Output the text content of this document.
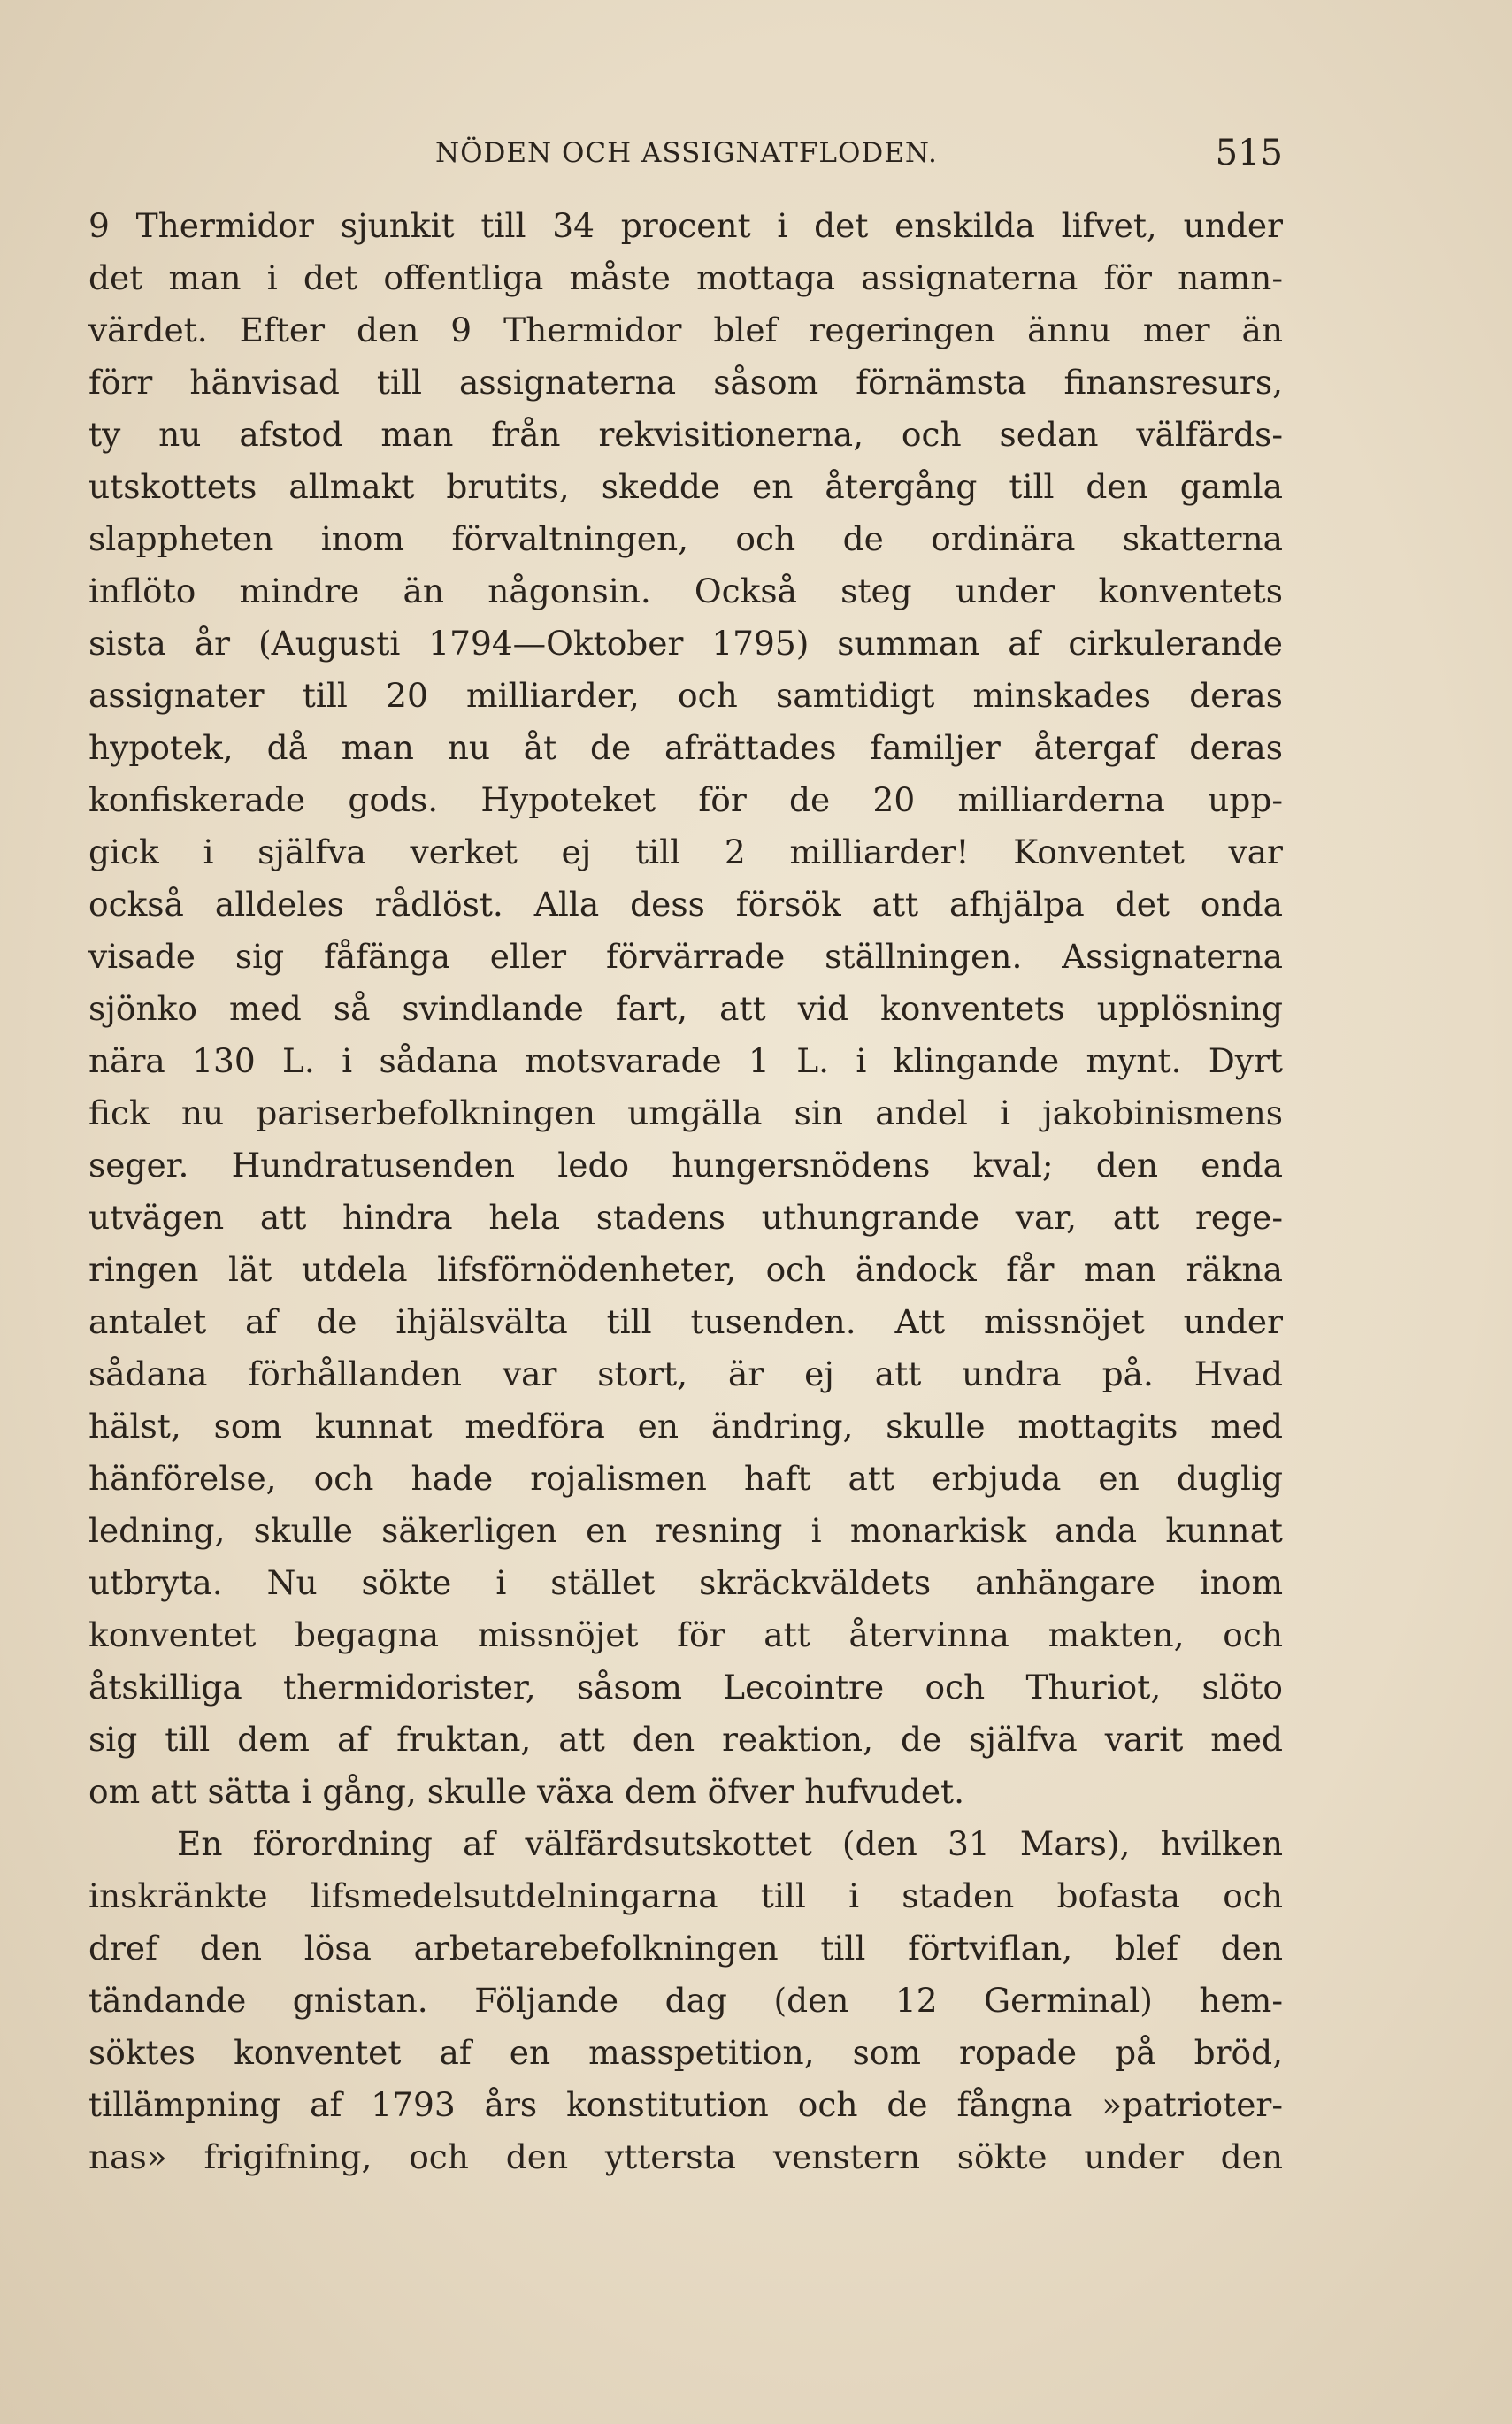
NÖDEN OCH ASSIGNATFLODEN.	515
9 Thermidor sjunkit till 34 procent i det enskilda lifvet, under
det man i det offentliga måste mottaga assignaterna för namn-
värdet. Efter den 9 Thermidor blef regeringen ännu mer än
förr hänvisad till assignaterna såsom förnämsta finansresurs,
ty nu afstod man från rekvisitionerna, och sedan välfärds-
utskottets allmakt brutits, skedde en återgång till den gamla
slappheten inom förvaltningen, och de ordinära skatterna
inflöto mindre än någonsin. Också steg under konventets
sista år (Augusti 1794—Oktober 1795) summan af cirkulerande
assignater till 20 milliarder, och samtidigt minskades deras
hypotek, då man nu åt de afrättades familjer återgaf deras
konfiskerade gods. Hypoteket för de 20 milliarderna upp-
gick i själfva verket ej till 2 milliarder! Konventet var
också alldeles rådlöst. Alla dess försök att afhjälpa det onda
visade sig fåfänga eller förvärrade ställningen. Assignaterna
sjönko med så svindlande fart, att vid konventets upplösning
nära 130 L. i sådana motsvarade 1 L. i klingande mynt. Dyrt
fick nu pariserbefolkningen umgälla sin andel i jakobinismens
seger. Hundratusenden ledo hungersnödens kval; den enda
utvägen att hindra hela stadens uthungrande var, att rege-
ringen lät utdela lifsförnödenheter, och ändock får man räkna
antalet af de ihjälsvälta till tusenden. Att missnöjet under
sådana förhållanden var stort, är ej att undra på. Hvad
hälst, som kunnat medföra en ändring, skulle mottagits med
hänförelse, och hade rojalismen haft att erbjuda en duglig
ledning, skulle säkerligen en resning i monarkisk anda kunnat
utbryta. Nu sökte i stället skräckväldets anhängare inom
konventet begagna missnöjet för att återvinna makten, och
åtskilliga thermidorister, såsom Lecointre och Thuriot, slöto
sig till dem af fruktan, att den reaktion, de själfva varit med
om att sätta i gång, skulle växa dem öfver hufvudet.
En förordning af välfärdsutskottet (den 31 Mars), hvilken
inskränkte lifsmedelsutdelningarna till i staden bofasta och
dref den lösa arbetarebefolkningen till förtviflan, blef den
tändande gnistan. Följande dag (den 12 Germinal) hem-
söktes konventet af en masspetition, som ropade på bröd,
tillämpning af 1793 års konstitution och de fångna »patrioter-
nas» frigifning, och den yttersta venstern sökte under den
